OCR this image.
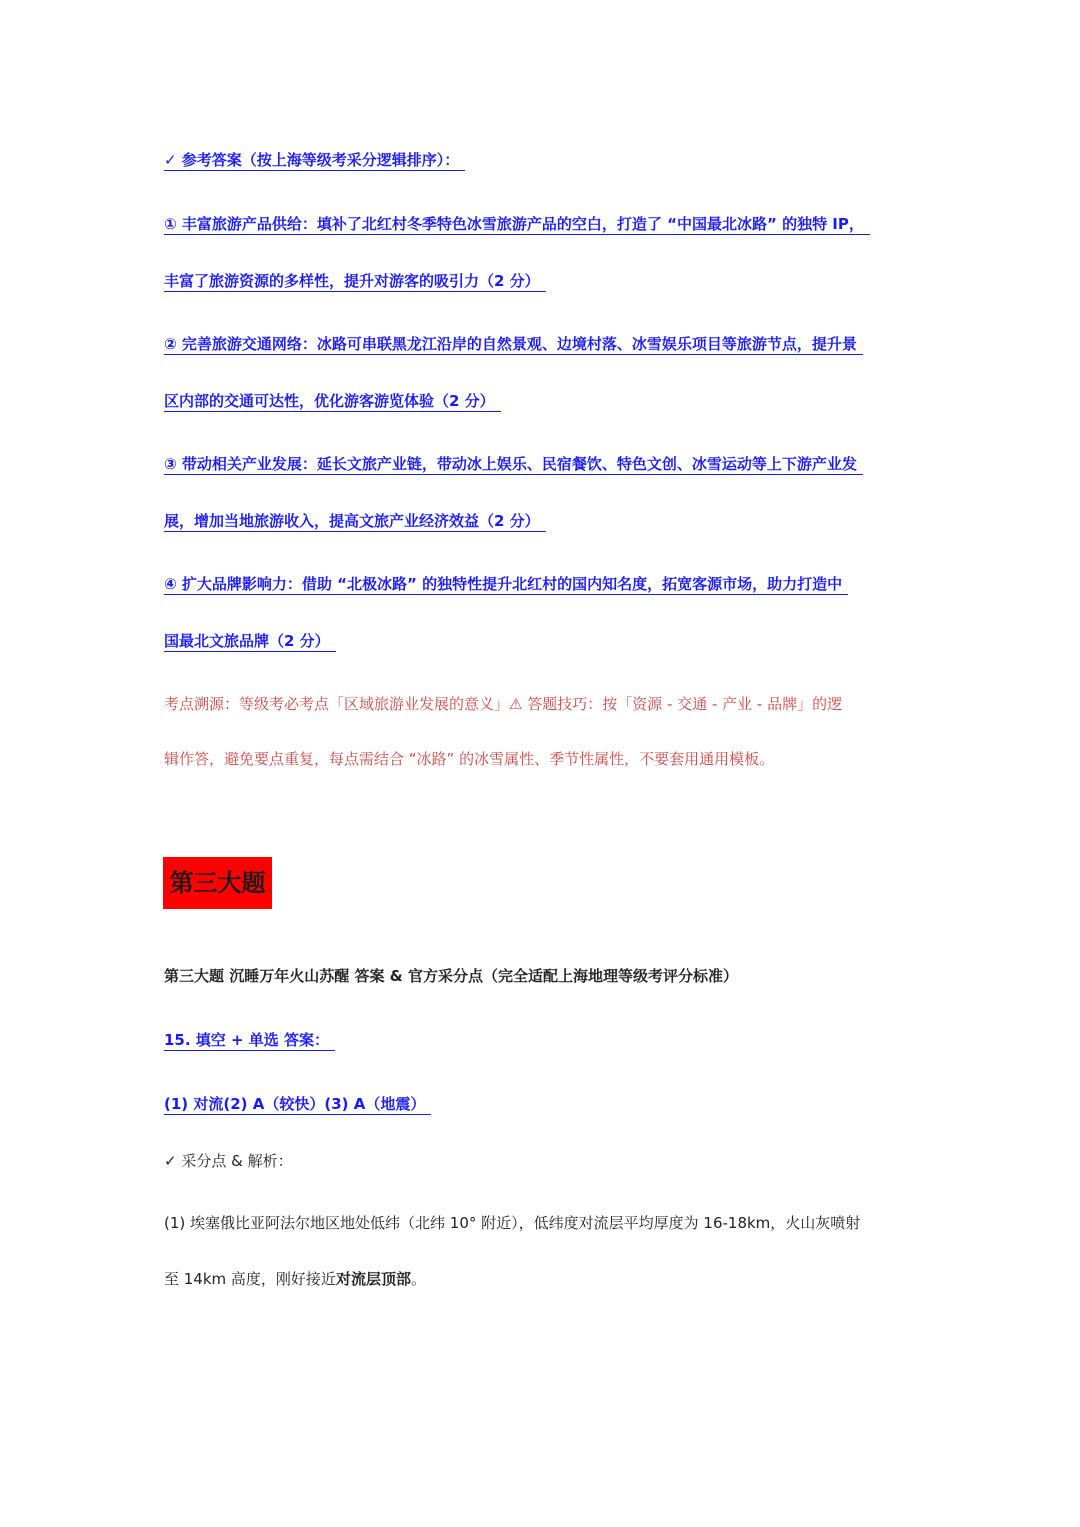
✓ 参考答案（按上海等级考采分逻辑排序）：

① 丰富旅游产品供给：填补了北红村冬季特色冰雪旅游产品的空白，打造了 “中国最北冰路” 的独特 IP，

丰富了旅游资源的多样性，提升对游客的吸引力（2 分）

② 完善旅游交通网络：冰路可串联黑龙江沿岸的自然景观、边境村落、冰雪娱乐项目等旅游节点，提升景

区内部的交通可达性，优化游客游览体验（2 分）

③ 带动相关产业发展：延长文旅产业链，带动冰上娱乐、民宿餐饮、特色文创、冰雪运动等上下游产业发

展，增加当地旅游收入，提高文旅产业经济效益（2 分）

④ 扩大品牌影响力：借助 “北极冰路” 的独特性提升北红村的国内知名度，拓宽客源市场，助力打造中

国最北文旅品牌（2 分）

考点溯源：等级考必考点「区域旅游业发展的意义」⚠ 答题技巧：按「资源 - 交通 - 产业 - 品牌」的逻

辑作答，避免要点重复，每点需结合 “冰路” 的冰雪属性、季节性属性，不要套用通用模板。

第三大题

第三大题 沉睡万年火山苏醒 答案 & 官方采分点（完全适配上海地理等级考评分标准）

15. 填空 + 单选 答案：

(1) 对流(2) A（较快）(3) A（地震）

✓ 采分点 & 解析：

(1) 埃塞俄比亚阿法尔地区地处低纬（北纬 10° 附近），低纬度对流层平均厚度为 16-18km，火山灰喷射

至 14km 高度，刚好接近对流层顶部。
